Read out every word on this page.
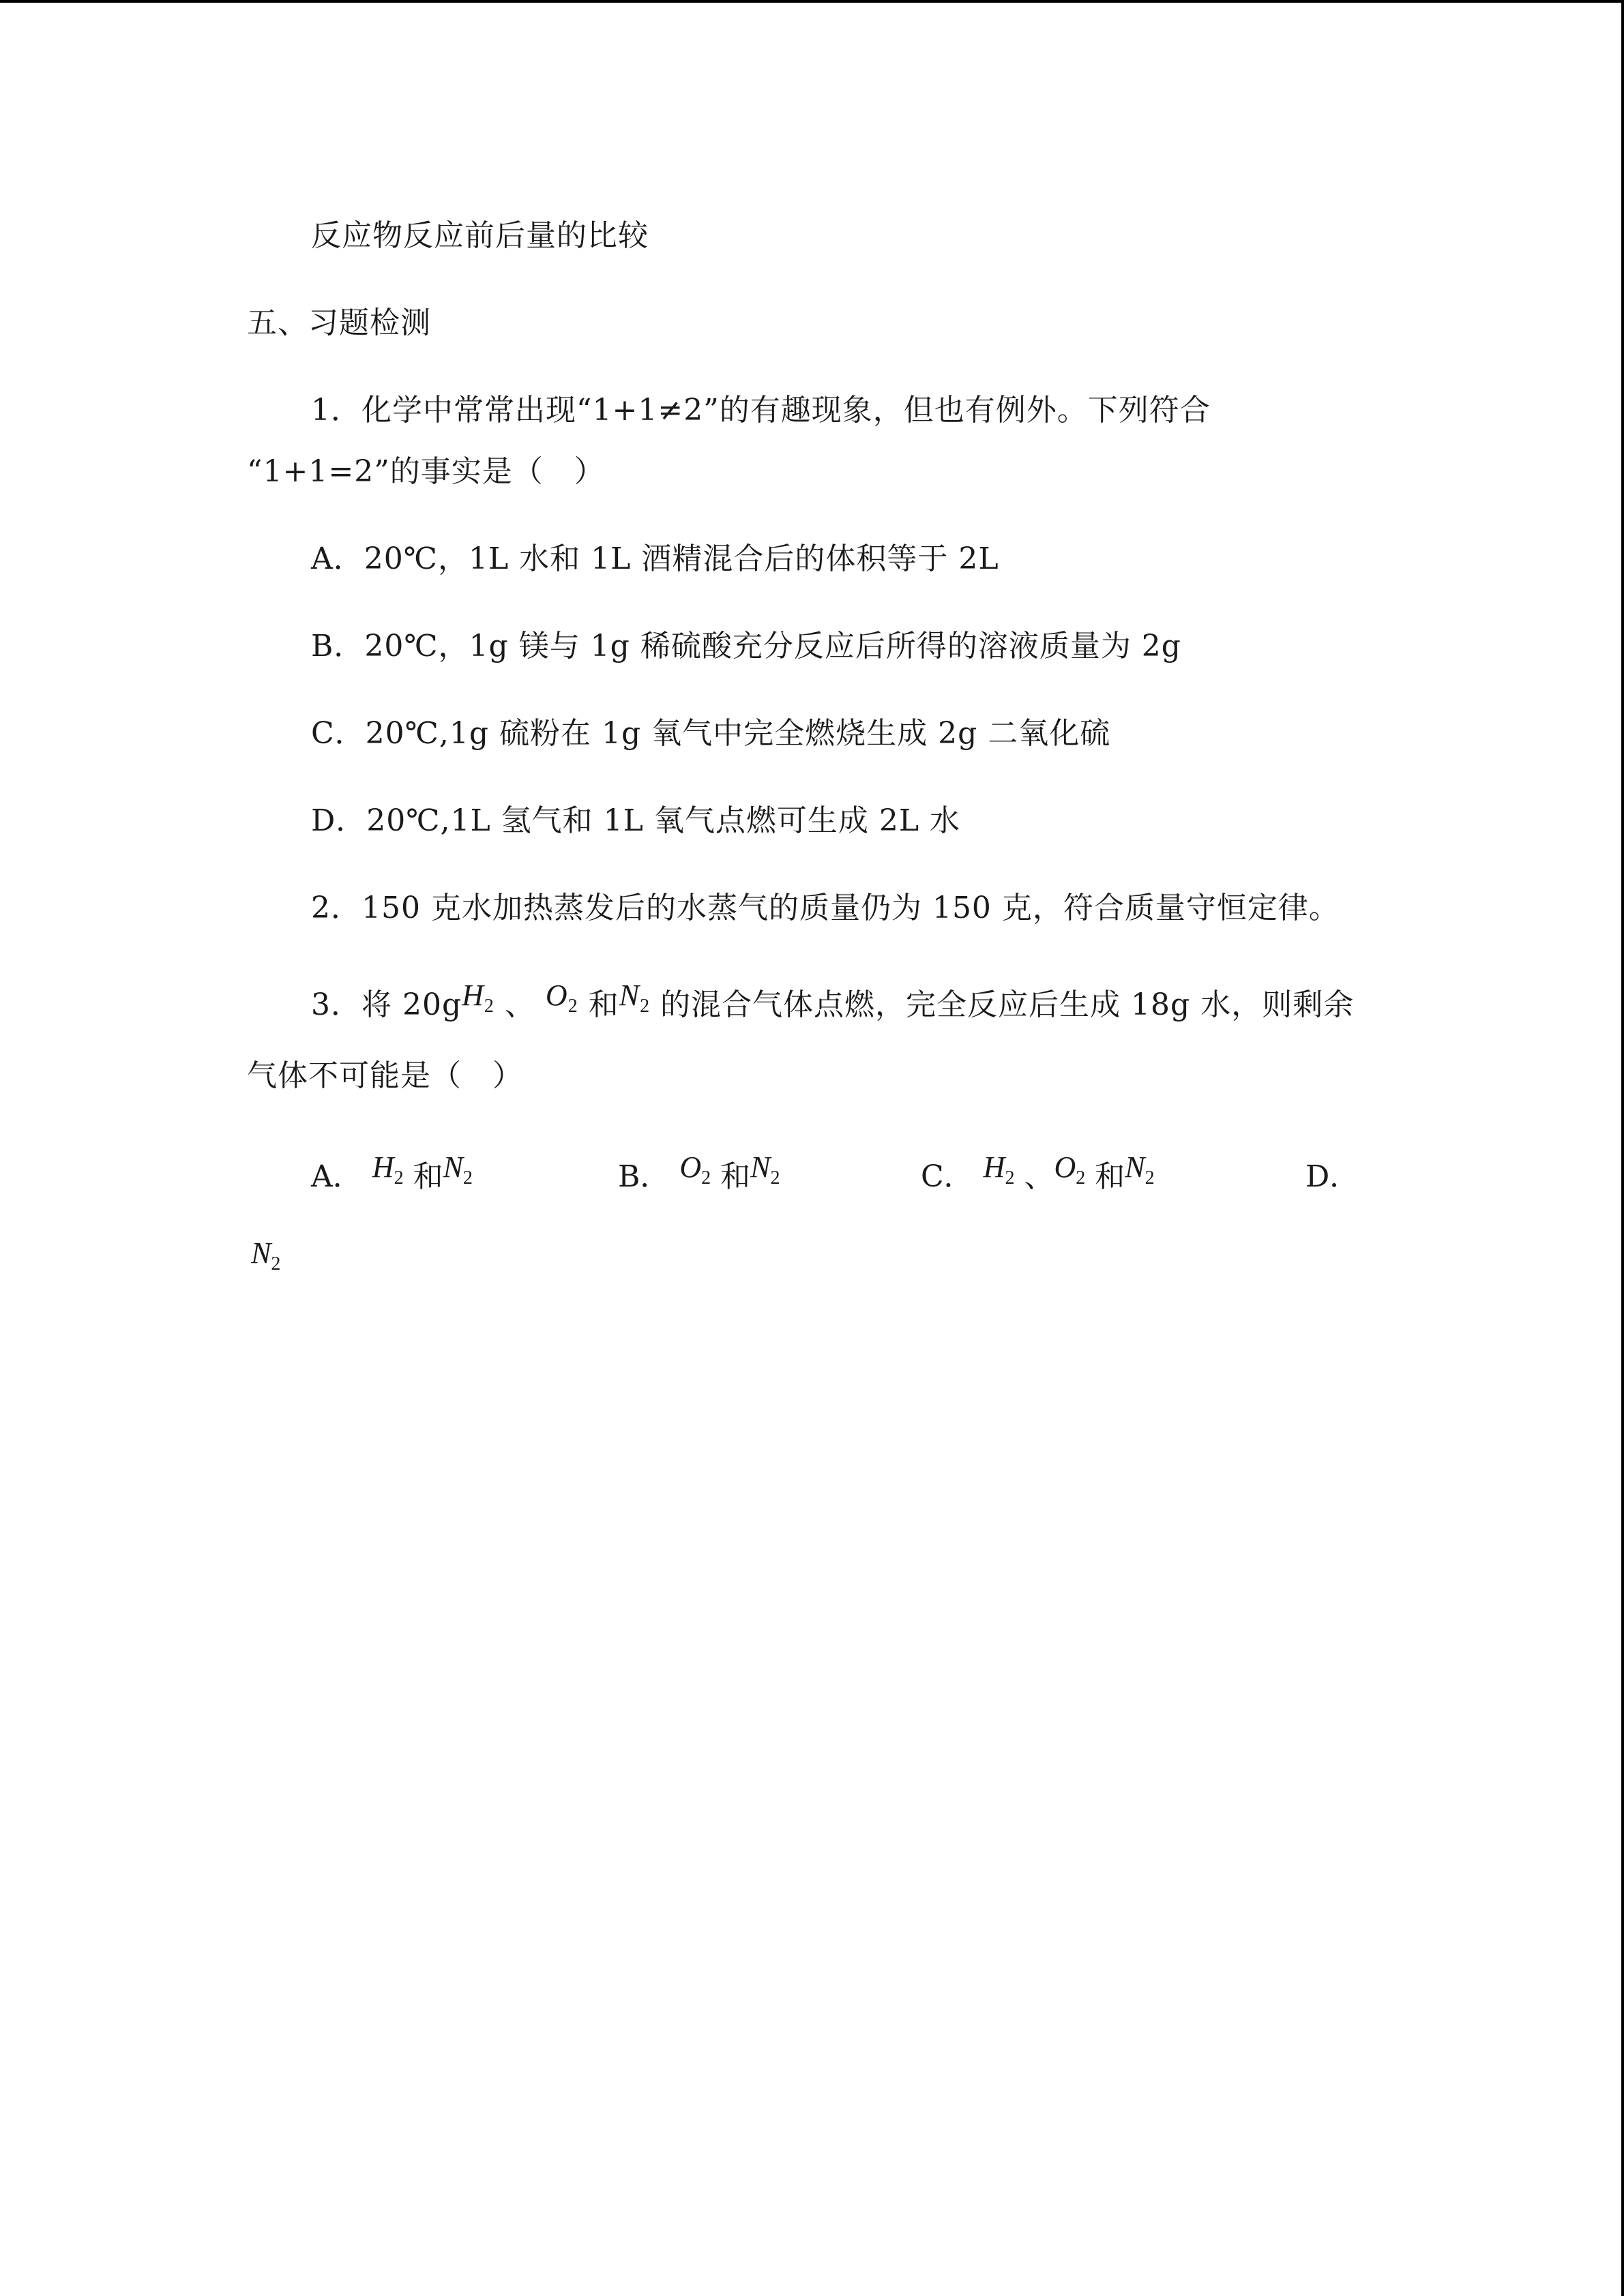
反应物反应前后量的比较
五、习题检测
1．化学中常常出现“1+1≠2”的有趣现象，但也有例外。下列符合
“1+1=2”的事实是（　）
A．20℃，1L 水和 1L 酒精混合后的体积等于 2L
B．20℃，1g 镁与 1g 稀硫酸充分反应后所得的溶液质量为 2g
C．20℃,1g 硫粉在 1g 氧气中完全燃烧生成 2g 二氧化硫
D．20℃,1L 氢气和 1L 氧气点燃可生成 2L 水
2．150 克水加热蒸发后的水蒸气的质量仍为 150 克，符合质量守恒定律。
3．将 $20gH_2$ 、 $O_2$ 和$N_2$ 的混合气体点燃，完全反应后生成 18g 水，则剩余
气体不可能是（　）
A． $H_2$ 和$N_2$	B． $O_2$ 和$N_2$	C． $H_2$ 、$O_2$ 和$N_2$	D．
$N_2$
